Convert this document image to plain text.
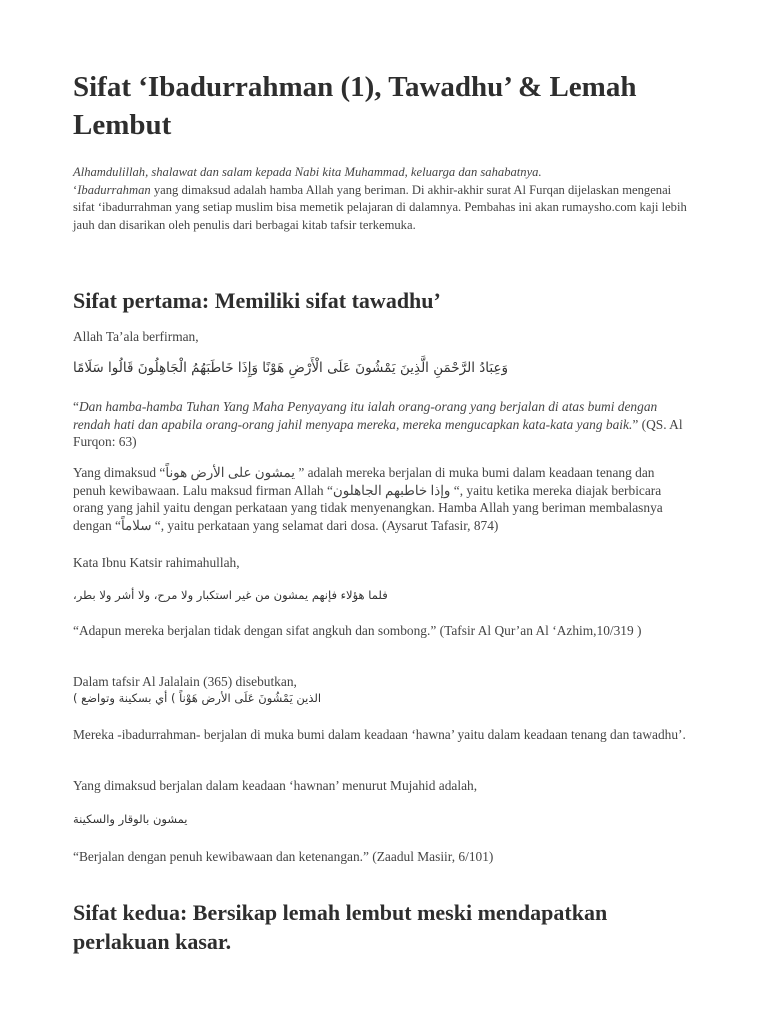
Sifat ‘Ibadurrahman (1), Tawadhu’ & Lemah Lembut

Alhamdulillah, shalawat dan salam kepada Nabi kita Muhammad, keluarga dan sahabatnya.
‘Ibadurrahman yang dimaksud adalah hamba Allah yang beriman. Di akhir-akhir surat Al Furqan dijelaskan mengenai sifat ‘ibadurrahman yang setiap muslim bisa memetik pelajaran di dalamnya. Pembahas ini akan rumaysho.com kaji lebih jauh dan disarikan oleh penulis dari berbagai kitab tafsir terkemuka.

Sifat pertama: Memiliki sifat tawadhu’

Allah Ta’ala berfirman,

وَعِبَادُ الرَّحْمَنِ الَّذِينَ يَمْشُونَ عَلَى الْأَرْضِ هَوْنًا وَإِذَا خَاطَبَهُمُ الْجَاهِلُونَ قَالُوا سَلَامًا

“Dan hamba-hamba Tuhan Yang Maha Penyayang itu ialah orang-orang yang berjalan di atas bumi dengan rendah hati dan apabila orang-orang jahil menyapa mereka, mereka mengucapkan kata-kata yang baik.” (QS. Al Furqon: 63)

Yang dimaksud “يمشون على الأرض هوناً ” adalah mereka berjalan di muka bumi dalam keadaan tenang dan penuh kewibawaan. Lalu maksud firman Allah “وإذا خاطبهم الجاهلون “, yaitu ketika mereka diajak berbicara orang yang jahil yaitu dengan perkataan yang tidak menyenangkan. Hamba Allah yang beriman membalasnya dengan “سلاماً “, yaitu perkataan yang selamat dari dosa. (Aysarut Tafasir, 874)

Kata Ibnu Katsir rahimahullah,

فلما هؤلاء فإنهم يمشون من غير استكبار ولا مرح، ولا أشر ولا بطر،

“Adapun mereka berjalan tidak dengan sifat angkuh dan sombong.” (Tafsir Al Qur’an Al ‘Azhim,10/319 )

Dalam tafsir Al Jalalain (365) disebutkan,

الذين يَمْشُونَ عَلَى الأرض هَوْناً ) أي بسكينة وتواضع )

Mereka -ibadurrahman- berjalan di muka bumi dalam keadaan ‘hawna’ yaitu dalam keadaan tenang dan tawadhu’.

Yang dimaksud berjalan dalam keadaan ‘hawnan’ menurut Mujahid adalah,

يمشون بالوقار والسكينة

“Berjalan dengan penuh kewibawaan dan ketenangan.” (Zaadul Masiir, 6/101)

Sifat kedua: Bersikap lemah lembut meski mendapatkan perlakuan kasar.
